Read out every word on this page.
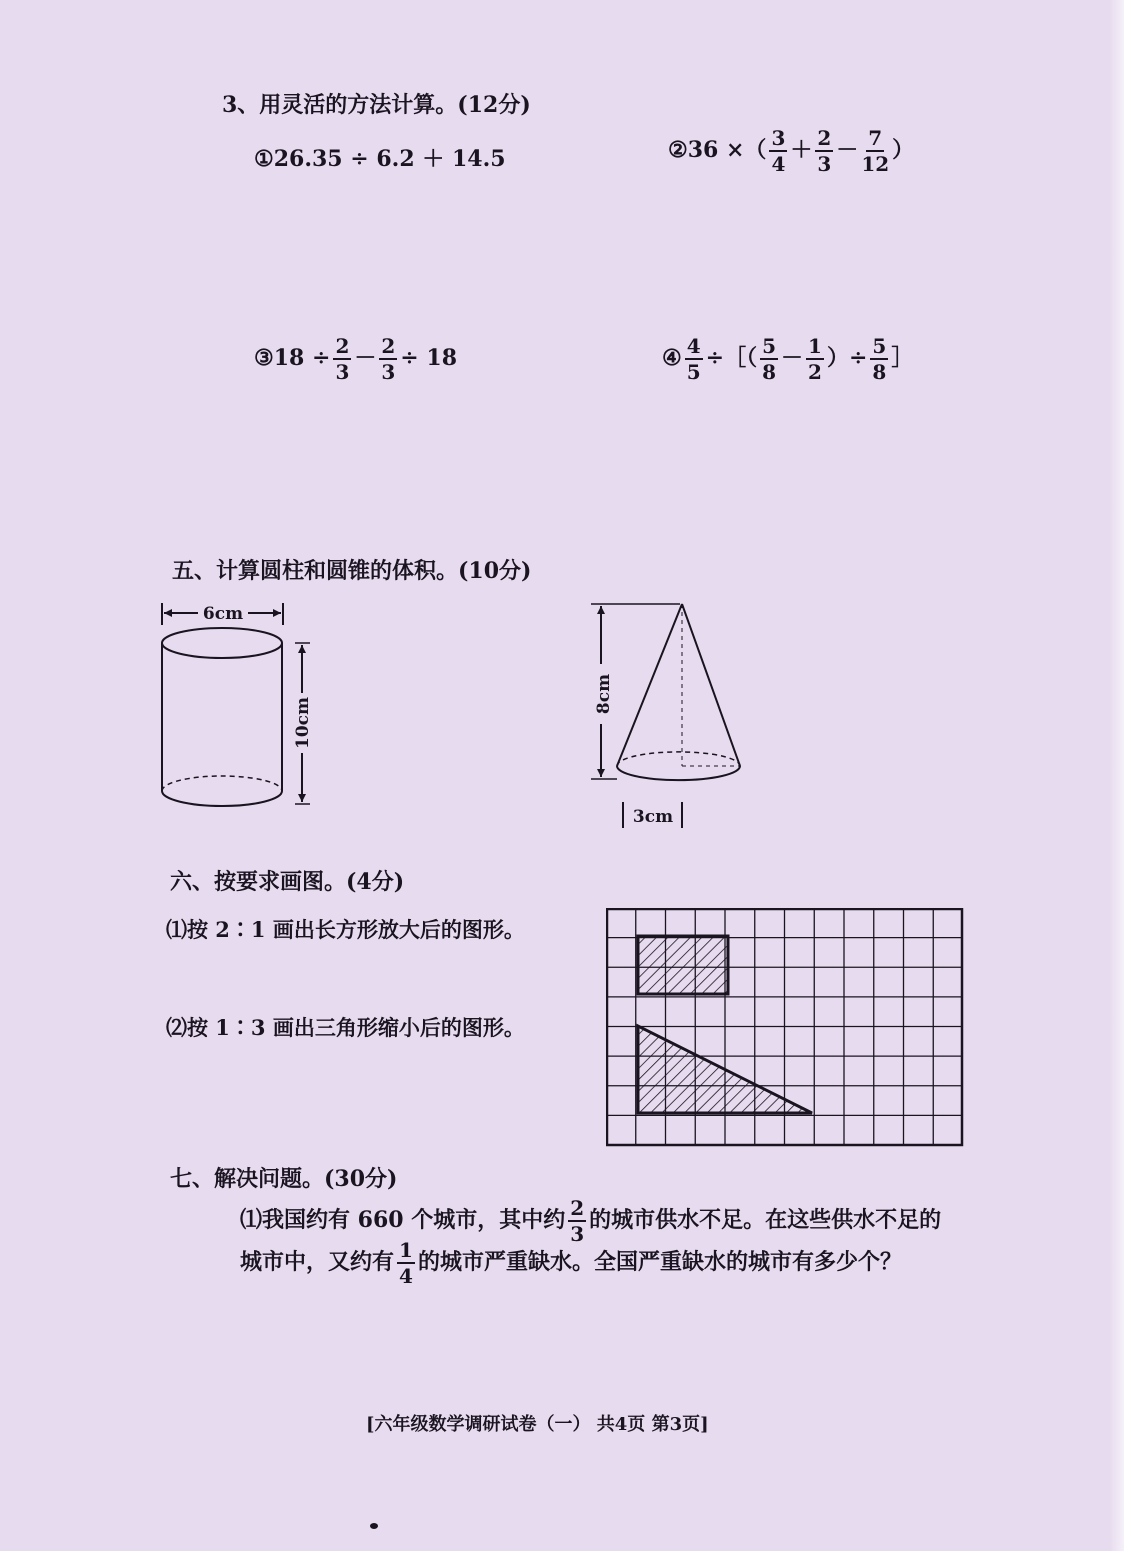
3、用灵活的方法计算。(12分)
①26.35 ÷ 6.2 ＋ 14.5	②36 ×（ $\frac{3}{4} + \frac{2}{3} - \frac{7}{12}$ ）
③18 ÷ $\frac{2}{3} - \frac{2}{3} \div 18$	④ $\frac{4}{5}$ ÷［（ $\frac{5}{8} - \frac{1}{2}$ ）÷ $\frac{5}{8}$ ］
五、计算圆柱和圆锥的体积。(10分)
6cm
10cm
8cm
3cm
六、按要求画图。(4分)
⑴按 2∶1 画出长方形放大后的图形。
⑵按 1∶3 画出三角形缩小后的图形。
七、解决问题。(30分)
⑴我国约有 660 个城市，其中约 $\frac{2}{3}$ 的城市供水不足。在这些供水不足的
城市中，又约有 $\frac{1}{4}$ 的城市严重缺水。全国严重缺水的城市有多少个？
[六年级数学调研试卷（一） 共4页 第3页]
